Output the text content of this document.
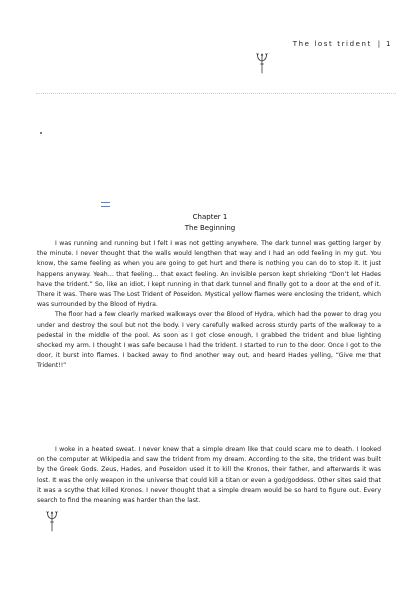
The lost trident | 1
Chapter 1
The Beginning

I was running and running but I felt I was not getting anywhere. The dark tunnel was getting larger by the minute. I never thought that the walls would lengthen that way and I had an odd feeling in my gut. You know, the same feeling as when you are going to get hurt and there is nothing you can do to stop it. It just happens anyway. Yeah… that feeling… that exact feeling. An invisible person kept shrieking “Don’t let Hades have the trident.” So, like an idiot, I kept running in that dark tunnel and finally got to a door at the end of it. There it was. There was The Lost Trident of Poseidon. Mystical yellow flames were enclosing the trident, which was surrounded by the Blood of Hydra.

The floor had a few clearly marked walkways over the Blood of Hydra, which had the power to drag you under and destroy the soul but not the body. I very carefully walked across sturdy parts of the walkway to a pedestal in the middle of the pool. As soon as I got close enough, I grabbed the trident and blue lighting shocked my arm. I thought I was safe because I had the trident. I started to run to the door. Once I got to the door, it burst into flames. I backed away to find another way out, and heard Hades yelling, “Give me that Trident!!”

I woke in a heated sweat. I never knew that a simple dream like that could scare me to death. I looked on the computer at Wikipedia and saw the trident from my dream. According to the site, the trident was built by the Greek Gods. Zeus, Hades, and Poseidon used it to kill the Kronos, their father, and afterwards it was lost. It was the only weapon in the universe that could kill a titan or even a god/goddess. Other sites said that it was a scythe that killed Kronos. I never thought that a simple dream would be so hard to figure out. Every search to find the meaning was harder than the last.
